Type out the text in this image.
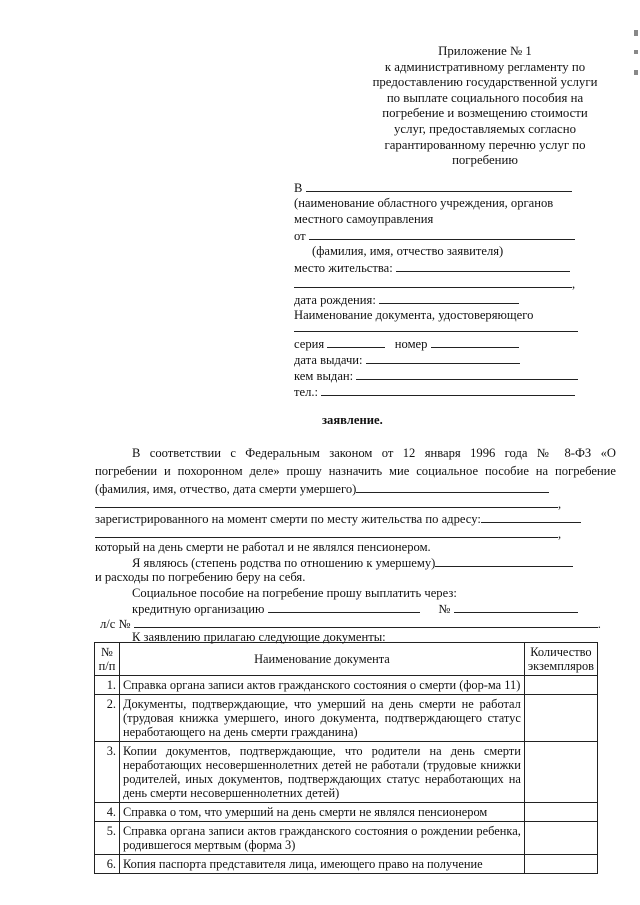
Приложение № 1
к административному регламенту по
предоставлению государственной услуги
по выплате социального пособия на
погребение и возмещению стоимости
услуг, предоставляемых согласно
гарантированному перечню услуг по
погребению
В
(наименование областного учреждения, органов
местного самоуправления
от
(фамилия, имя, отчество заявителя)
место жительства:
,
дата рождения:
Наименование документа, удостоверяющего
серия	номер
дата выдачи:
кем выдан:
тел.:
заявление.
В соответствии с Федеральным законом от 12 января 1996 года № 8-ФЗ «О
погребении и похоронном деле» прошу назначить мие социальное пособие на погребение
(фамилия, имя, отчество, дата смерти умершего)
,
зарегистрированного на момент смерти по месту жительства по адресу:
,
который на день смерти не работал и не являлся пенсионером.
Я являюсь (степень родства по отношению к умершему)
и расходы по погребению беру на себя.
Социальное пособие на погребение прошу выплатить через:
кредитную организацию	№
л/с №	.
К заявлению прилагаю следующие документы:
№ п/п	Наименование документа	Количество экземпляров
1.	Справка органа записи актов гражданского состояния о смерти (фор-ма 11)	
2.	Документы, подтверждающие, что умерший на день смерти не работал (трудовая книжка умершего, иного документа, подтверждающего статус неработающего на день смерти гражданина)	
3.	Копии документов, подтверждающие, что родители на день смерти неработающих несовершеннолетних детей не работали (трудовые книжки родителей, иных документов, подтверждающих статус неработающих на день смерти несовершеннолетних детей)	
4.	Справка о том, что умерший на день смерти не являлся пенсионером	
5.	Справка органа записи актов гражданского состояния о рождении ребенка, родившегося мертвым (форма 3)	
6.	Копия паспорта представителя лица, имеющего право на получение	
